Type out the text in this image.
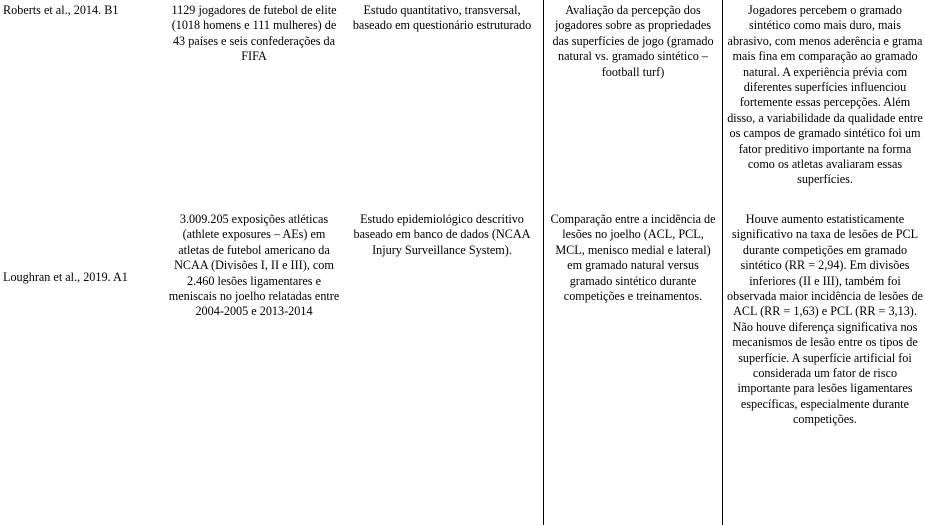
Roberts et al., 2014. B1	1129 jogadores de futebol de elite (1018 homens e 111 mulheres) de 43 países e seis confederações da FIFA
Estudo quantitativo, transversal, baseado em questionário estruturado
Avaliação da percepção dos jogadores sobre as propriedades das superfícies de jogo (gramado natural vs. gramado sintético – football turf)
Jogadores percebem o gramado sintético como mais duro, mais abrasivo, com menos aderência e grama mais fina em comparação ao gramado natural. A experiência prévia com diferentes superfícies influenciou fortemente essas percepções. Além disso, a variabilidade da qualidade entre os campos de gramado sintético foi um fator preditivo importante na forma como os atletas avaliaram essas superfícies.
Loughran et al., 2019. A1
3.009.205 exposições atléticas (athlete exposures – AEs) em atletas de futebol americano da NCAA (Divisões I, II e III), com 2.460 lesões ligamentares e meniscais no joelho relatadas entre 2004-2005 e 2013-2014
Estudo epidemiológico descritivo baseado em banco de dados (NCAA Injury Surveillance System).
Comparação entre a incidência de lesões no joelho (ACL, PCL, MCL, menisco medial e lateral) em gramado natural versus gramado sintético durante competições e treinamentos.
Houve aumento estatisticamente significativo na taxa de lesões de PCL durante competições em gramado sintético (RR = 2,94). Em divisões inferiores (II e III), também foi observada maior incidência de lesões de ACL (RR = 1,63) e PCL (RR = 3,13). Não houve diferença significativa nos mecanismos de lesão entre os tipos de superfície. A superfície artificial foi considerada um fator de risco importante para lesões ligamentares específicas, especialmente durante competições.
